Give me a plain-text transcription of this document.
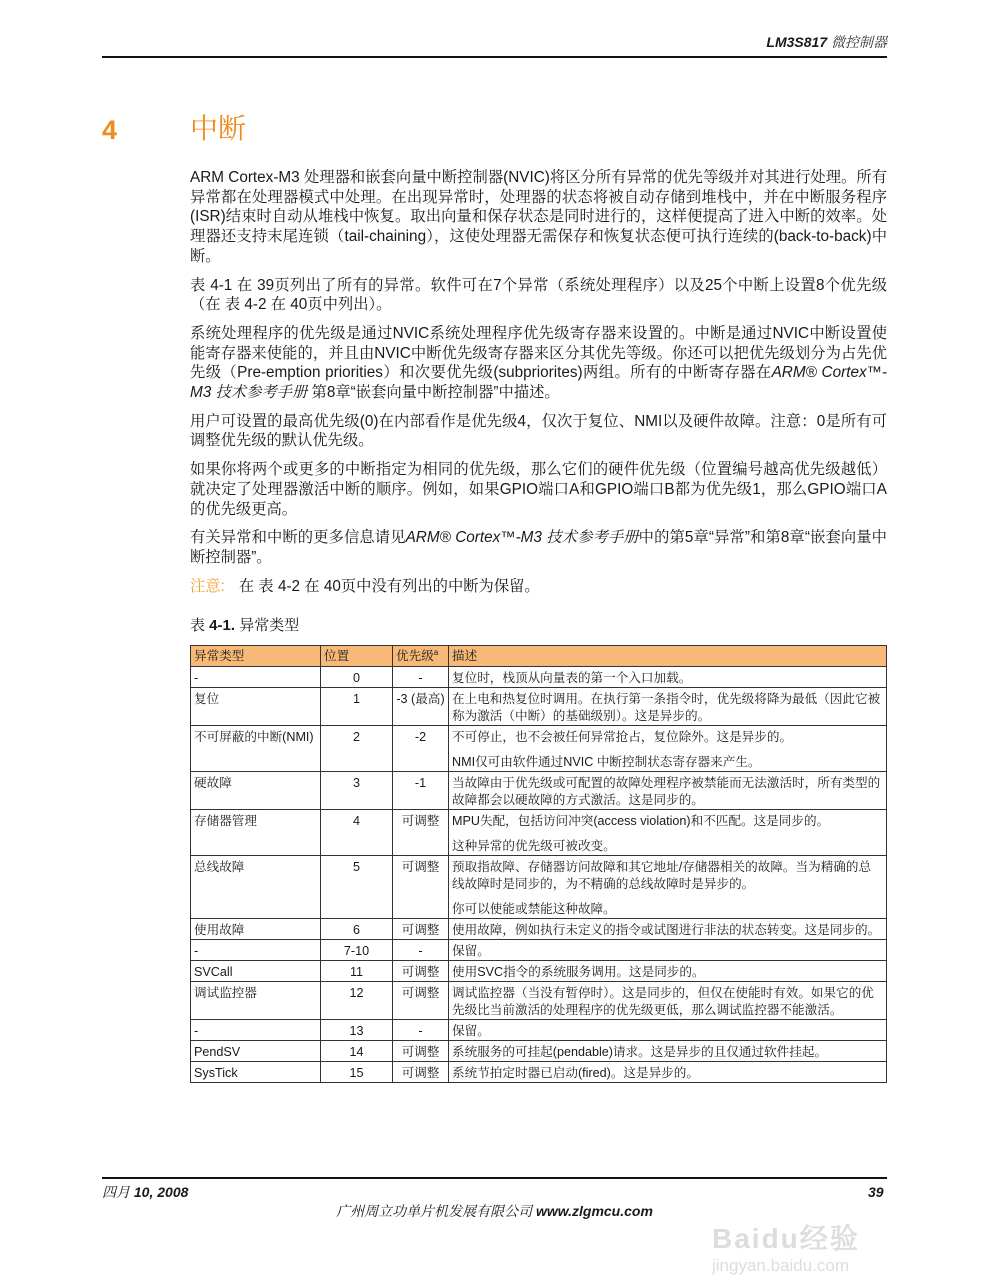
LM3S817 微控制器
4	中断

ARM Cortex-M3 处理器和嵌套向量中断控制器(NVIC)将区分所有异常的优先等级并对其进行处理。所有异常都在处理器模式中处理。在出现异常时，处理器的状态将被自动存储到堆栈中，并在中断服务程序(ISR)结束时自动从堆栈中恢复。取出向量和保存状态是同时进行的，这样便提高了进入中断的效率。处理器还支持末尾连锁（tail-chaining），这使处理器无需保存和恢复状态便可执行连续的(back-to-back)中断。

表 4-1 在 39页列出了所有的异常。软件可在7个异常（系统处理程序）以及25个中断上设置8个优先级（在 表 4-2 在 40页中列出）。

系统处理程序的优先级是通过NVIC系统处理程序优先级寄存器来设置的。中断是通过NVIC中断设置使能寄存器来使能的，并且由NVIC中断优先级寄存器来区分其优先等级。你还可以把优先级划分为占先优先级（Pre-emption priorities）和次要优先级(subpriorites)两组。所有的中断寄存器在ARM® Cortex™-M3 技术参考手册 第8章“嵌套向量中断控制器”中描述。

用户可设置的最高优先级(0)在内部看作是优先级4，仅次于复位、NMI以及硬件故障。注意：0是所有可调整优先级的默认优先级。

如果你将两个或更多的中断指定为相同的优先级，那么它们的硬件优先级（位置编号越高优先级越低）就决定了处理器激活中断的顺序。例如，如果GPIO端口A和GPIO端口B都为优先级1，那么GPIO端口A的优先级更高。

有关异常和中断的更多信息请见ARM® Cortex™-M3 技术参考手册中的第5章“异常”和第8章“嵌套向量中断控制器”。

注意: 在 表 4-2 在 40页中没有列出的中断为保留。

表 4-1. 异常类型
异常类型	位置	优先级$^a$	描述
-	0	-	复位时，栈顶从向量表的第一个入口加载。

复位	1	-3 (最高)	在上电和热复位时调用。在执行第一条指令时，优先级将降为最低（因此它被称为激活（中断）的基础级别）。这是异步的。

不可屏蔽的中断(NMI)	2	-2	不可停止，也不会被任何异常抢占，复位除外。这是异步的。
NMI仅可由软件通过NVIC 中断控制状态寄存器来产生。

硬故障	3	-1	当故障由于优先级或可配置的故障处理程序被禁能而无法激活时，所有类型的故障都会以硬故障的方式激活。这是同步的。

存储器管理	4	可调整	MPU失配，包括访问冲突(access violation)和不匹配。这是同步的。
这种异常的优先级可被改变。

总线故障	5	可调整	预取指故障、存储器访问故障和其它地址/存储器相关的故障。当为精确的总线故障时是同步的，为不精确的总线故障时是异步的。
你可以使能或禁能这种故障。

使用故障	6	可调整	使用故障，例如执行未定义的指令或试图进行非法的状态转变。这是同步的。

-	7-10	-	保留。

SVCall	11	可调整	使用SVC指令的系统服务调用。这是同步的。

调试监控器	12	可调整	调试监控器（当没有暂停时）。这是同步的，但仅在使能时有效。如果它的优先级比当前激活的处理程序的优先级更低，那么调试监控器不能激活。

-	13	-	保留。

PendSV	14	可调整	系统服务的可挂起(pendable)请求。这是异步的且仅通过软件挂起。

SysTick	15	可调整	系统节拍定时器已启动(fired)。这是异步的。
四月 10, 2008	39
广州周立功单片机发展有限公司 www.zlgmcu.com
Baidu经验
jingyan.baidu.com
